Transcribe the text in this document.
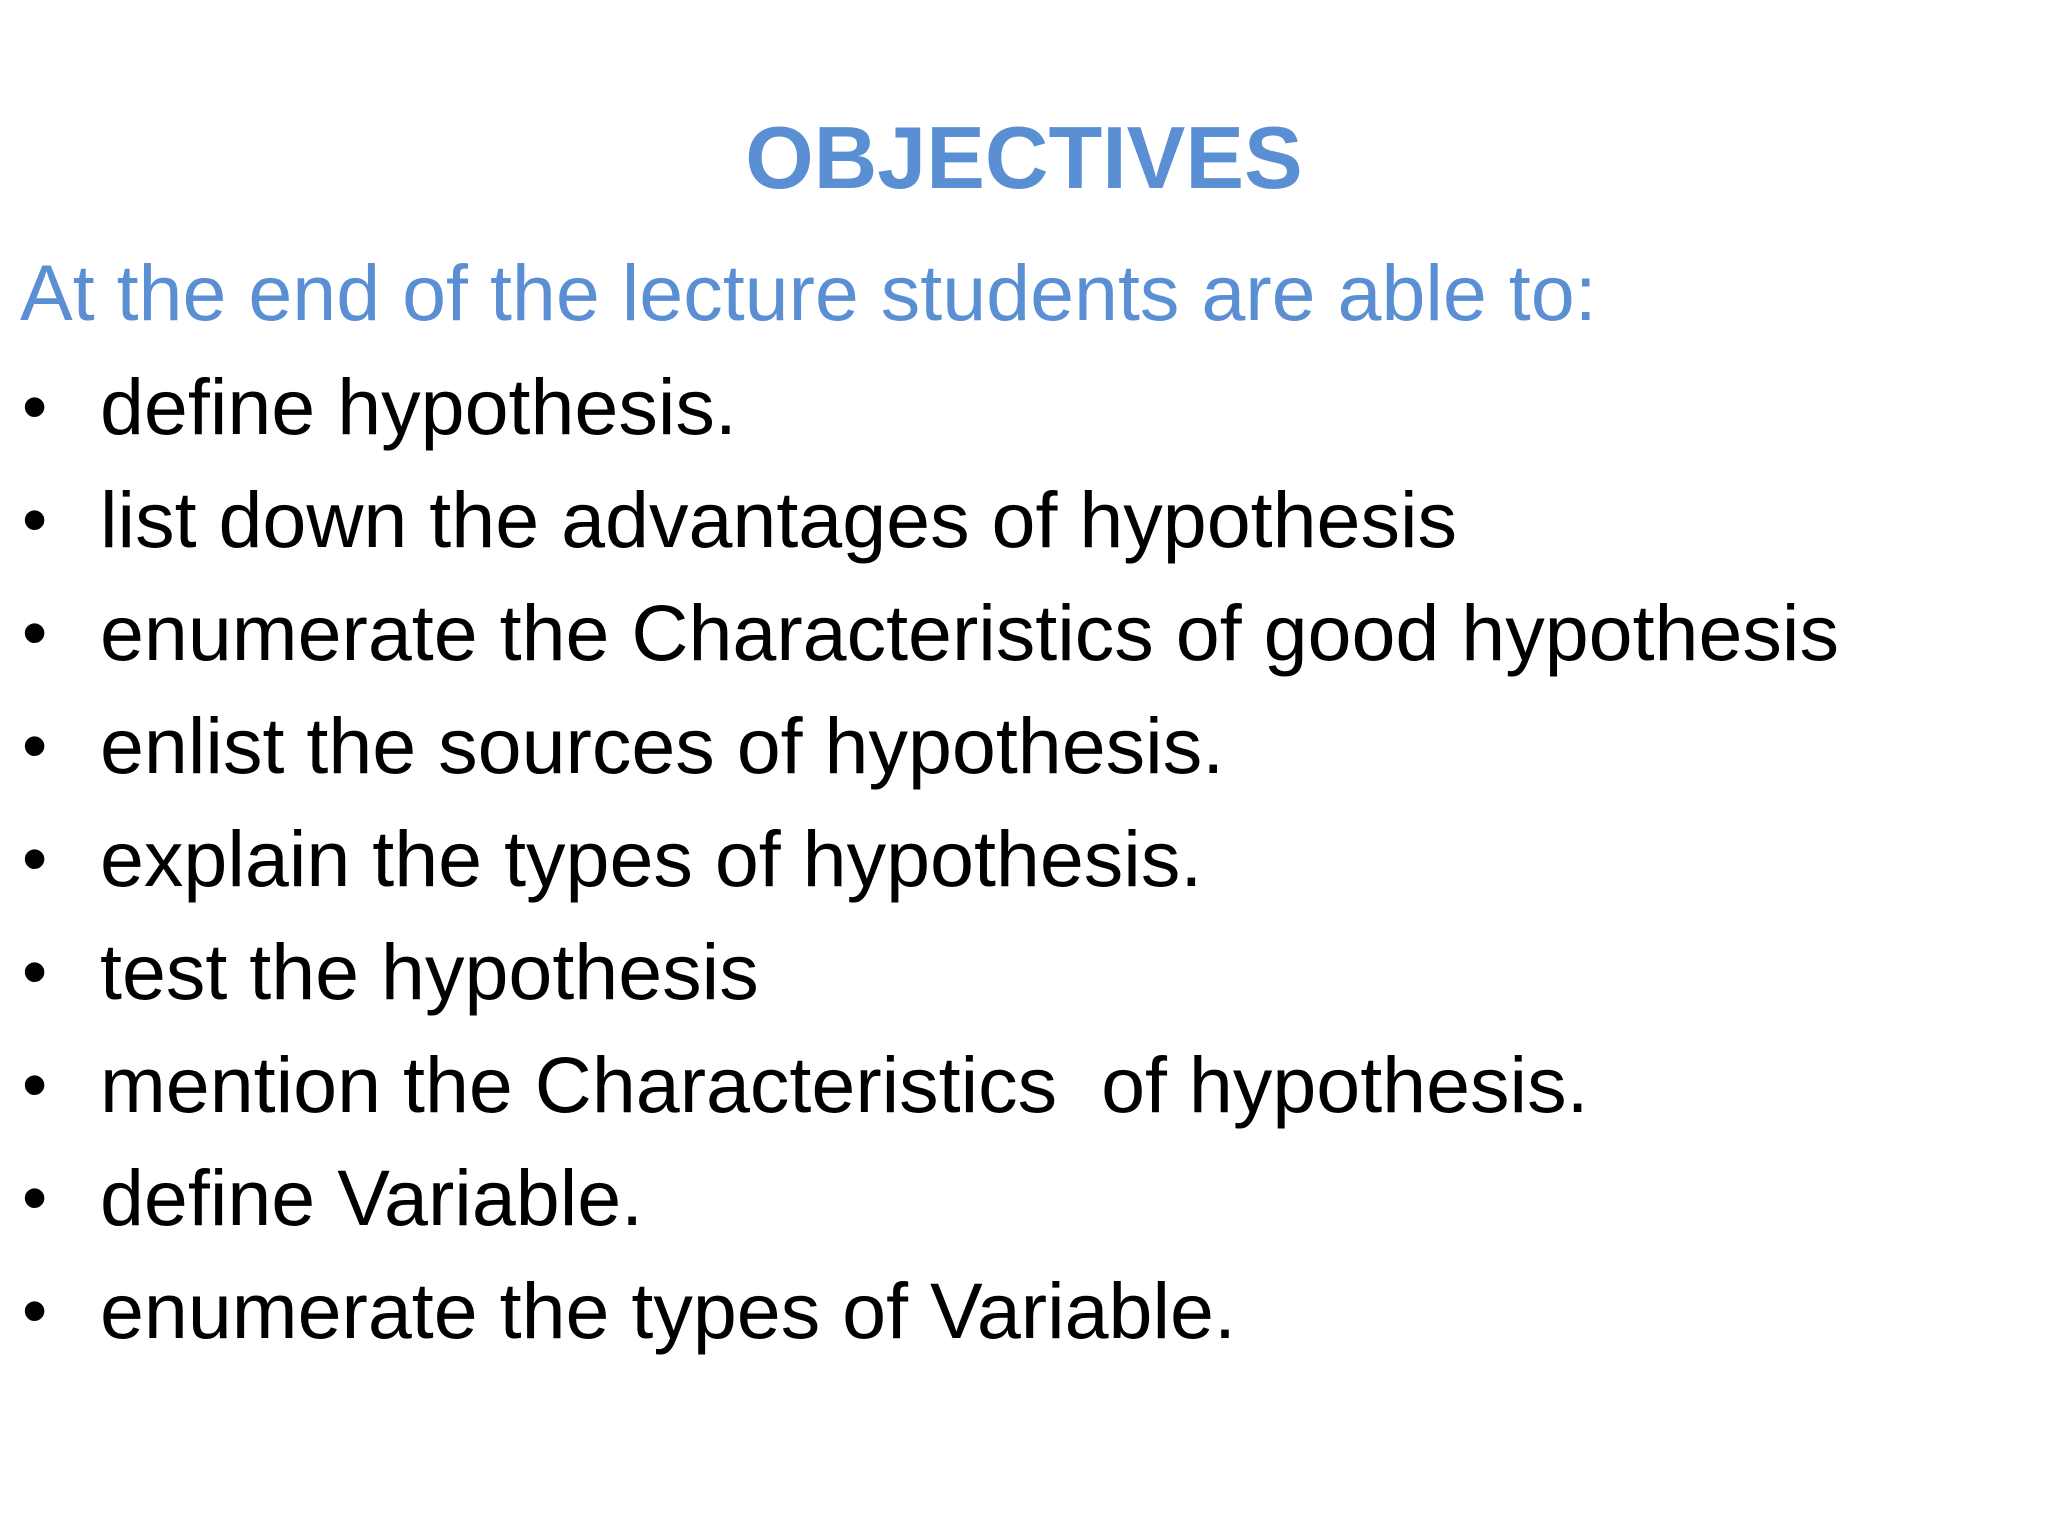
OBJECTIVES
At the end of the lecture students are able to:
• define hypothesis.
• list down the advantages of hypothesis
• enumerate the Characteristics of good hypothesis
• enlist the sources of hypothesis.
• explain the types of hypothesis.
• test the hypothesis
• mention the Characteristics  of hypothesis.
• define Variable.
• enumerate the types of Variable.
